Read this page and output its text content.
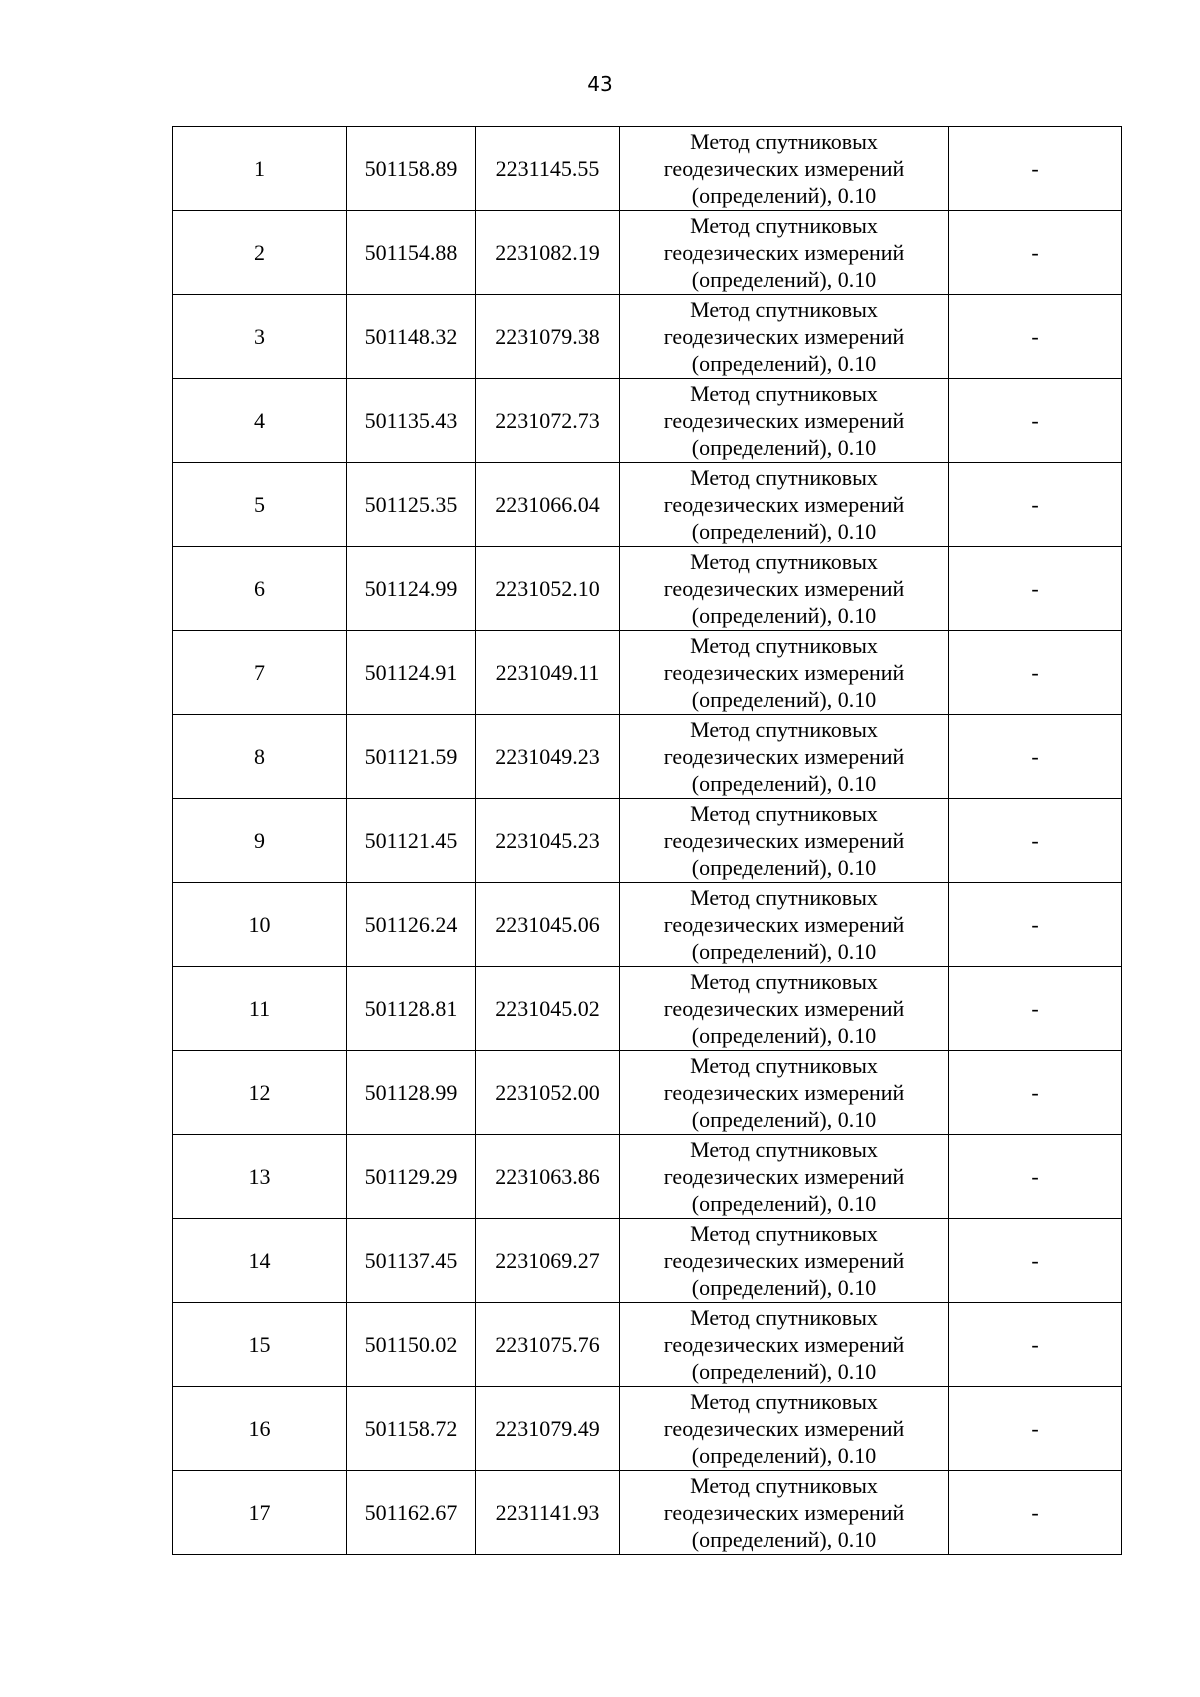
43
1	501158.89	2231145.55	Метод спутниковых
геодезических измерений
(определений), 0.10	-
2	501154.88	2231082.19	Метод спутниковых
геодезических измерений
(определений), 0.10	-
3	501148.32	2231079.38	Метод спутниковых
геодезических измерений
(определений), 0.10	-
4	501135.43	2231072.73	Метод спутниковых
геодезических измерений
(определений), 0.10	-
5	501125.35	2231066.04	Метод спутниковых
геодезических измерений
(определений), 0.10	-
6	501124.99	2231052.10	Метод спутниковых
геодезических измерений
(определений), 0.10	-
7	501124.91	2231049.11	Метод спутниковых
геодезических измерений
(определений), 0.10	-
8	501121.59	2231049.23	Метод спутниковых
геодезических измерений
(определений), 0.10	-
9	501121.45	2231045.23	Метод спутниковых
геодезических измерений
(определений), 0.10	-
10	501126.24	2231045.06	Метод спутниковых
геодезических измерений
(определений), 0.10	-
11	501128.81	2231045.02	Метод спутниковых
геодезических измерений
(определений), 0.10	-
12	501128.99	2231052.00	Метод спутниковых
геодезических измерений
(определений), 0.10	-
13	501129.29	2231063.86	Метод спутниковых
геодезических измерений
(определений), 0.10	-
14	501137.45	2231069.27	Метод спутниковых
геодезических измерений
(определений), 0.10	-
15	501150.02	2231075.76	Метод спутниковых
геодезических измерений
(определений), 0.10	-
16	501158.72	2231079.49	Метод спутниковых
геодезических измерений
(определений), 0.10	-
17	501162.67	2231141.93	Метод спутниковых
геодезических измерений
(определений), 0.10	-
